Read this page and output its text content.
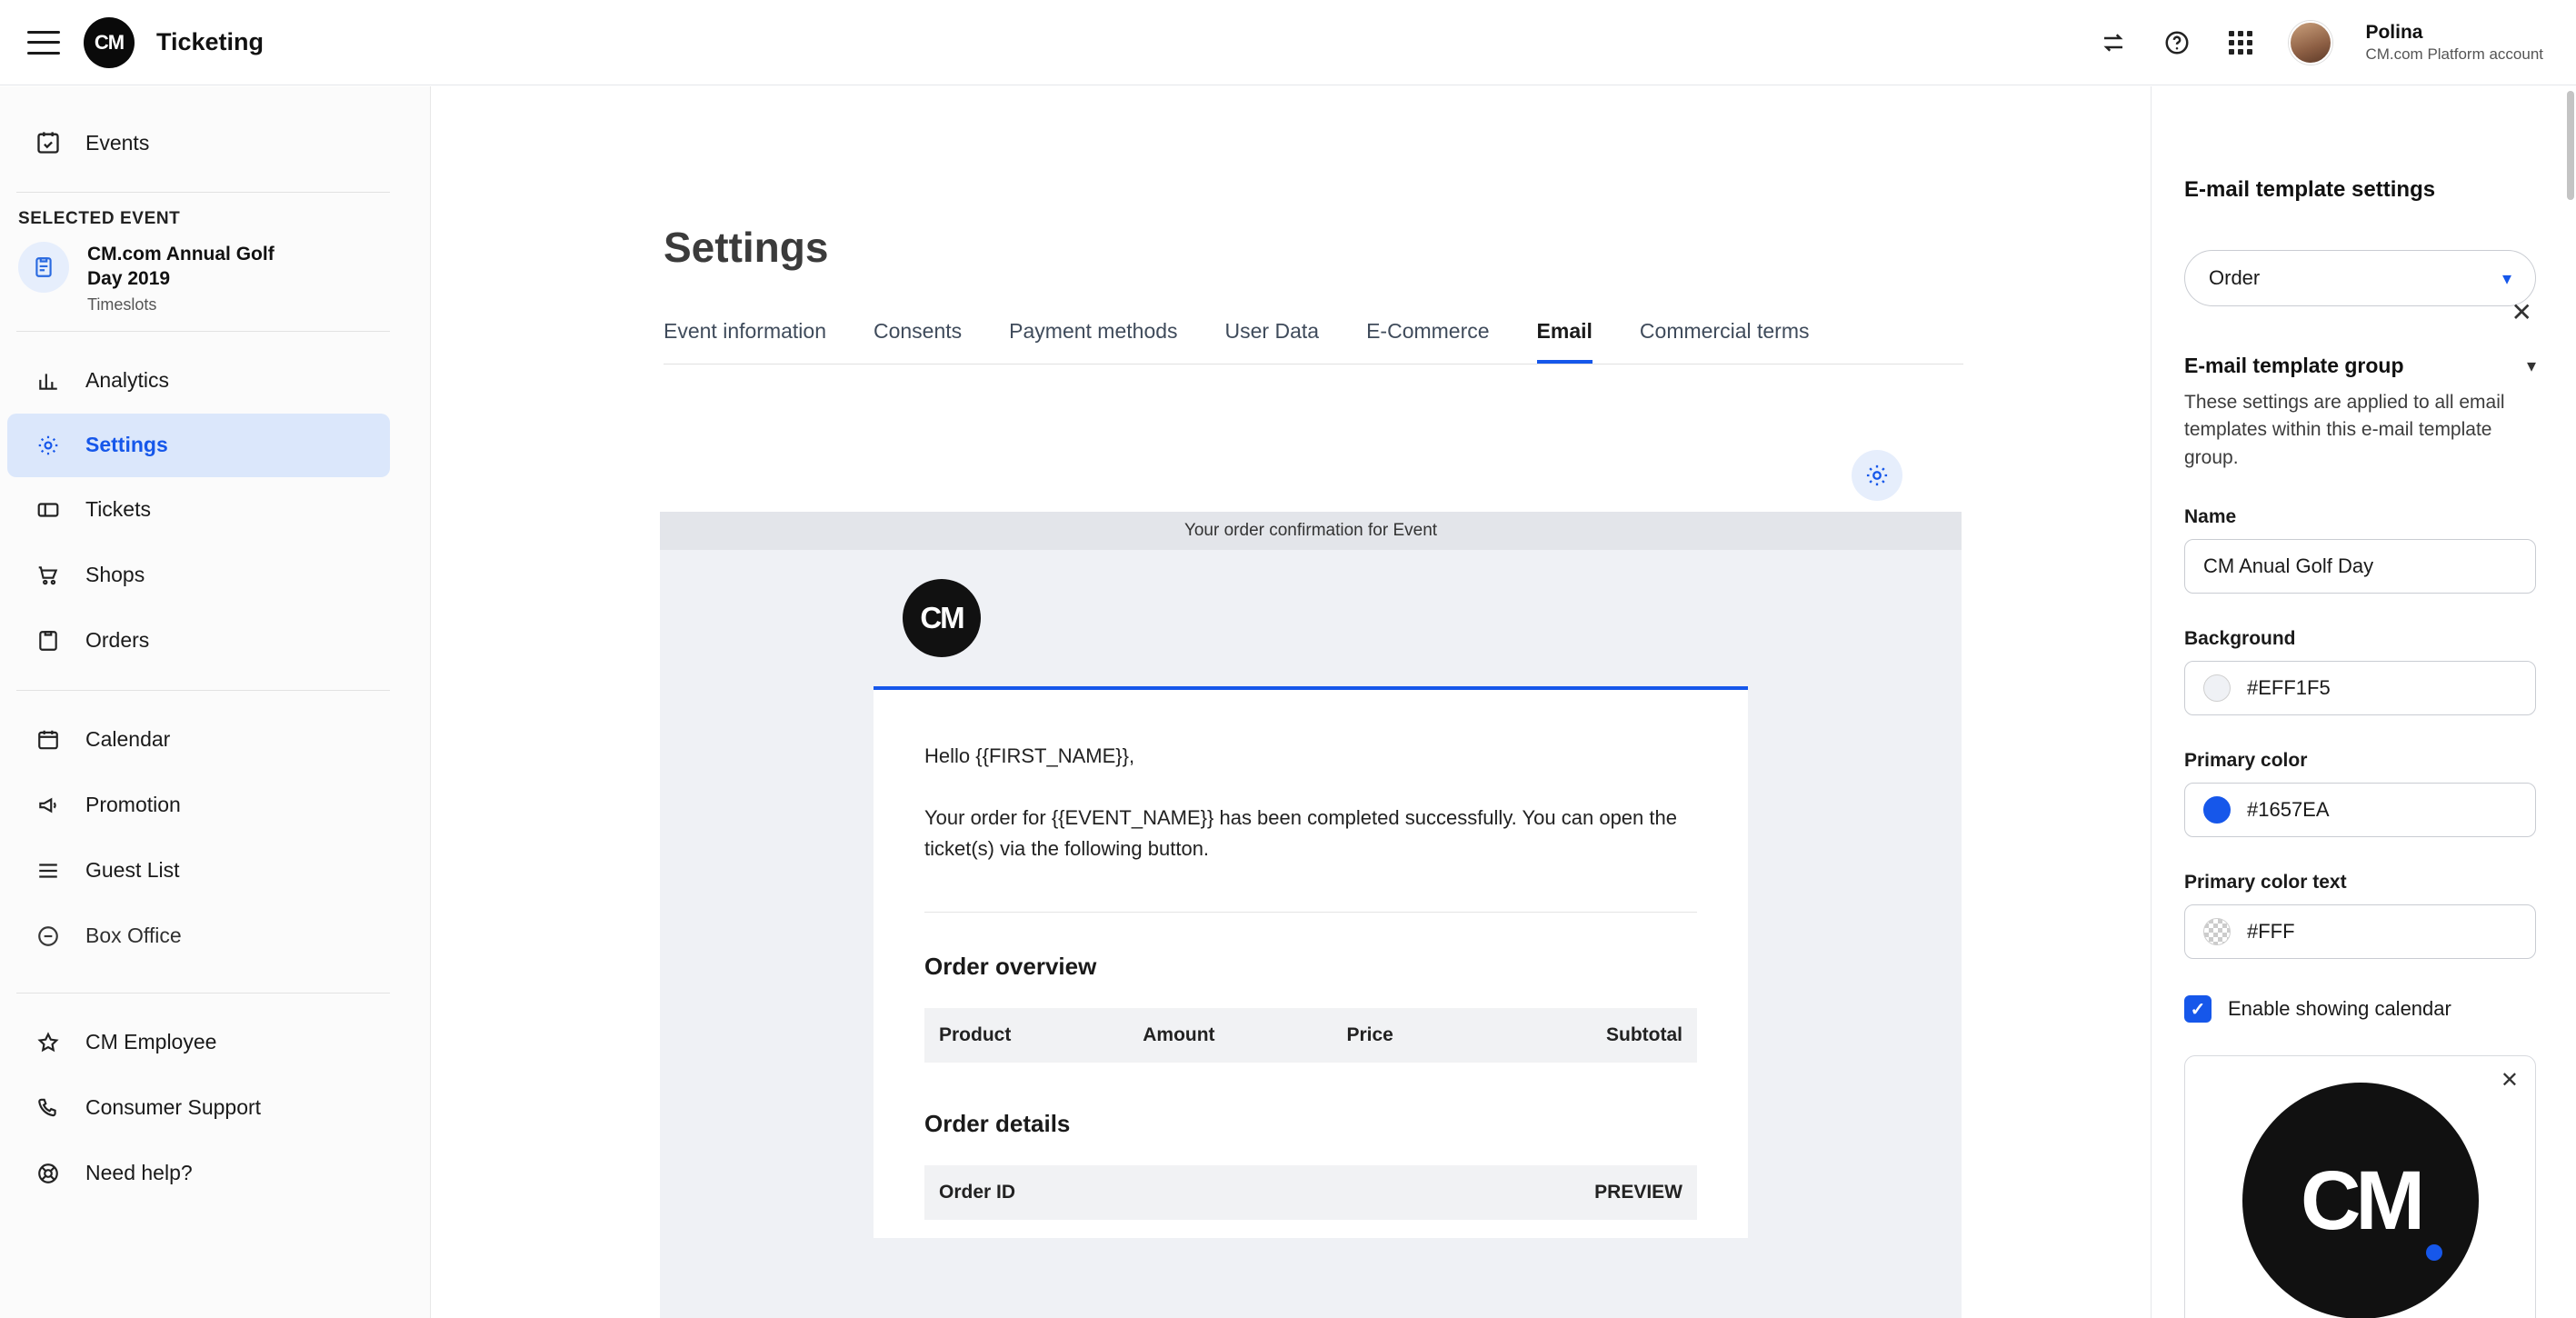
CM Ticketing	Polina
CM.com Platform account
Events
SELECTED EVENT
CM.com Annual Golf Day 2019
Timeslots
Analytics
Settings
Tickets
Shops
Orders
Calendar
Promotion
Guest List
Box Office
CM Employee
Consumer Support
Need help?
Settings
Event information Consents Payment methods User Data E-Commerce Email Commercial terms
Your order confirmation for Event
CM

Hello {{FIRST_NAME}},

Your order for {{EVENT_NAME}} has been completed successfully. You can open the ticket(s) via the following button.

Order overview
Product	Amount	Price	Subtotal
Order details
Order ID	PREVIEW
E-mail template settings
✕
Order	▾
E-mail template group	▾
These settings are applied to all email templates within this e-mail template group.
Name
CM Anual Golf Day
Background
#EFF1F5
Primary color
#1657EA
Primary color text
#FFF
✓	Enable showing calendar
✕
CM
